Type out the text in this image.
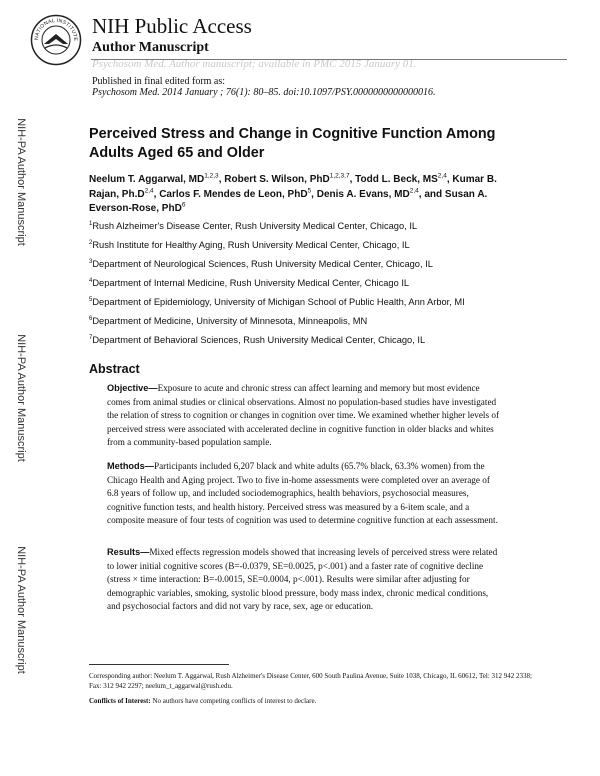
NATIONAL INSTITUTE
NIH Public Access
Author Manuscript
Psychosom Med. Author manuscript; available in PMC 2015 January 01.
Published in final edited form as:
Psychosom Med. 2014 January ; 76(1): 80–85. doi:10.1097/PSY.0000000000000016.
NIH-PA Author Manuscript
NIH-PA Author Manuscript
NIH-PA Author Manuscript
Perceived Stress and Change in Cognitive Function Among Adults Aged 65 and Older
Neelum T. Aggarwal, MD$^{1,2,3}$, Robert S. Wilson, PhD$^{1,2,3,7}$, Todd L. Beck, MS$^{2,4}$, Kumar B. Rajan, $Ph.D^{2,4}$, Carlos F. Mendes de Leon, PhD$^5$, Denis A. Evans, MD$^{2,4}$, and Susan A. Everson-Rose, PhD$^6$
$^1$Rush Alzheimer's Disease Center, Rush University Medical Center, Chicago, IL
$^2$Rush Institute for Healthy Aging, Rush University Medical Center, Chicago, IL
$^3$Department of Neurological Sciences, Rush University Medical Center, Chicago, IL
$^4$Department of Internal Medicine, Rush University Medical Center, Chicago IL
$^5$Department of Epidemiology, University of Michigan School of Public Health, Ann Arbor, MI
$^6$Department of Medicine, University of Minnesota, Minneapolis, MN
$^7$Department of Behavioral Sciences, Rush University Medical Center, Chicago, IL
Abstract
Objective—Exposure to acute and chronic stress can affect learning and memory but most evidence comes from animal studies or clinical observations. Almost no population-based studies have investigated the relation of stress to cognition or changes in cognition over time. We examined whether higher levels of perceived stress were associated with accelerated decline in cognitive function in older blacks and whites from a community-based population sample.
Methods—Participants included 6,207 black and white adults (65.7% black, 63.3% women) from the Chicago Health and Aging project. Two to five in-home assessments were completed over an average of 6.8 years of follow up, and included sociodemographics, health behaviors, psychosocial measures, cognitive function tests, and health history. Perceived stress was measured by a 6-item scale, and a composite measure of four tests of cognition was used to determine cognitive function at each assessment.
Results—Mixed effects regression models showed that increasing levels of perceived stress were related to lower initial cognitive scores (B=-0.0379, SE=0.0025, p<.001) and a faster rate of cognitive decline (stress × time interaction: B=-0.0015, SE=0.0004, p<.001). Results were similar after adjusting for demographic variables, smoking, systolic blood pressure, body mass index, chronic medical conditions, and psychosocial factors and did not vary by race, sex, age or education.
Corresponding author: Neelum T. Aggarwal, Rush Alzheimer's Disease Center, 600 South Paulina Avenue, Suite 1038, Chicago, IL 60612, Tel: 312 942 2338; Fax: 312 942 2297; neelum_t_aggarwal@rush.edu.
Conflicts of Interest: No authors have competing conflicts of interest to declare.
